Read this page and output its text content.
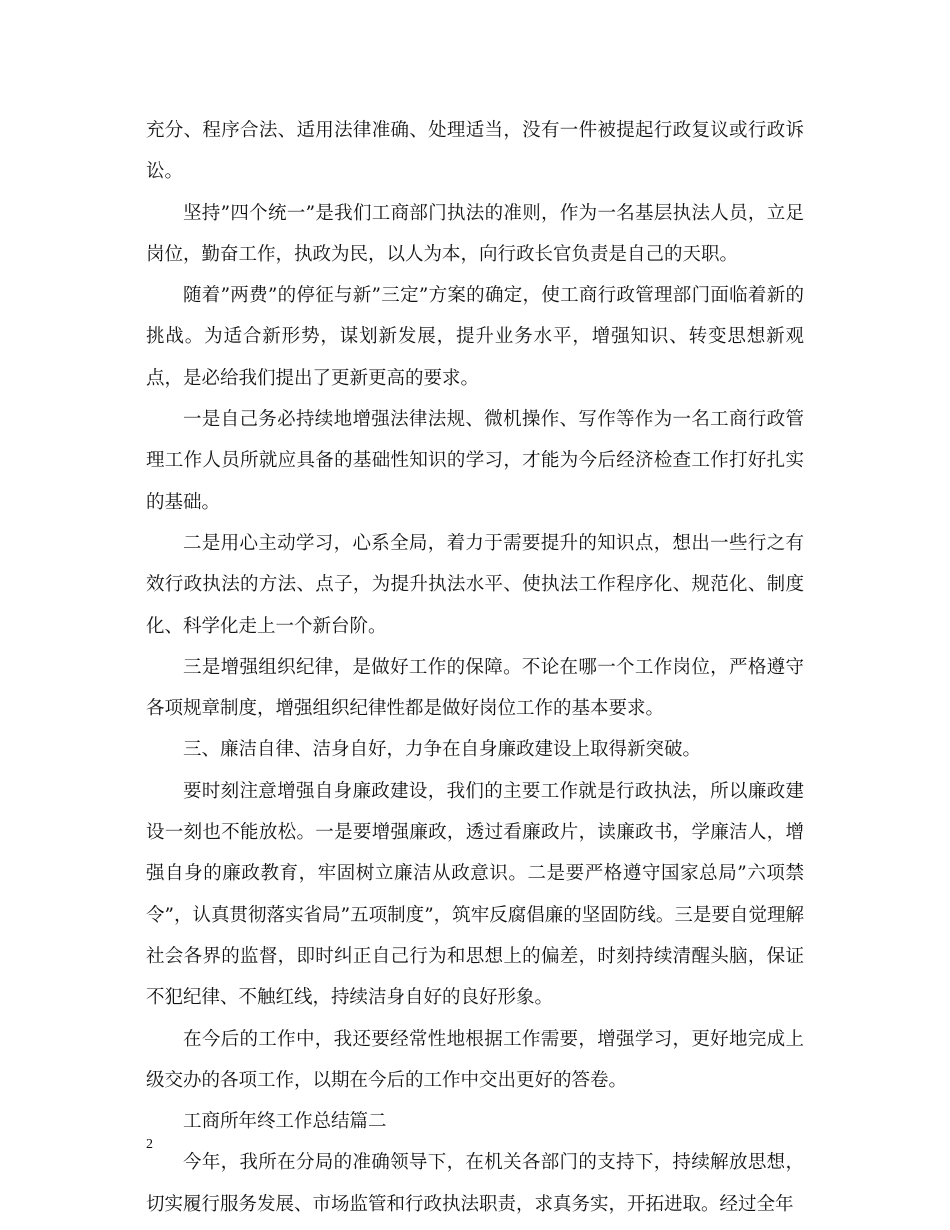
充分、程序合法、适用法律准确、处理适当，没有一件被提起行政复议或行政诉讼。

坚持”四个统一”是我们工商部门执法的准则，作为一名基层执法人员，立足岗位，勤奋工作，执政为民，以人为本，向行政长官负责是自己的天职。

随着”两费”的停征与新”三定”方案的确定，使工商行政管理部门面临着新的挑战。为适合新形势，谋划新发展，提升业务水平，增强知识、转变思想新观点，是必给我们提出了更新更高的要求。

一是自己务必持续地增强法律法规、微机操作、写作等作为一名工商行政管理工作人员所就应具备的基础性知识的学习，才能为今后经济检查工作打好扎实的基础。

二是用心主动学习，心系全局，着力于需要提升的知识点，想出一些行之有效行政执法的方法、点子，为提升执法水平、使执法工作程序化、规范化、制度化、科学化走上一个新台阶。

三是增强组织纪律，是做好工作的保障。不论在哪一个工作岗位，严格遵守各项规章制度，增强组织纪律性都是做好岗位工作的基本要求。

三、廉洁自律、洁身自好，力争在自身廉政建设上取得新突破。

要时刻注意增强自身廉政建设，我们的主要工作就是行政执法，所以廉政建设一刻也不能放松。一是要增强廉政，透过看廉政片，读廉政书，学廉洁人，增强自身的廉政教育，牢固树立廉洁从政意识。二是要严格遵守国家总局”六项禁令”，认真贯彻落实省局”五项制度”，筑牢反腐倡廉的坚固防线。三是要自觉理解社会各界的监督，即时纠正自己行为和思想上的偏差，时刻持续清醒头脑，保证不犯纪律、不触红线，持续洁身自好的良好形象。

在今后的工作中，我还要经常性地根据工作需要，增强学习，更好地完成上级交办的各项工作，以期在今后的工作中交出更好的答卷。

工商所年终工作总结篇二

今年，我所在分局的准确领导下，在机关各部门的支持下，持续解放思想，切实履行服务发展、市场监管和行政执法职责，求真务实，开拓进取。经过全年

2
